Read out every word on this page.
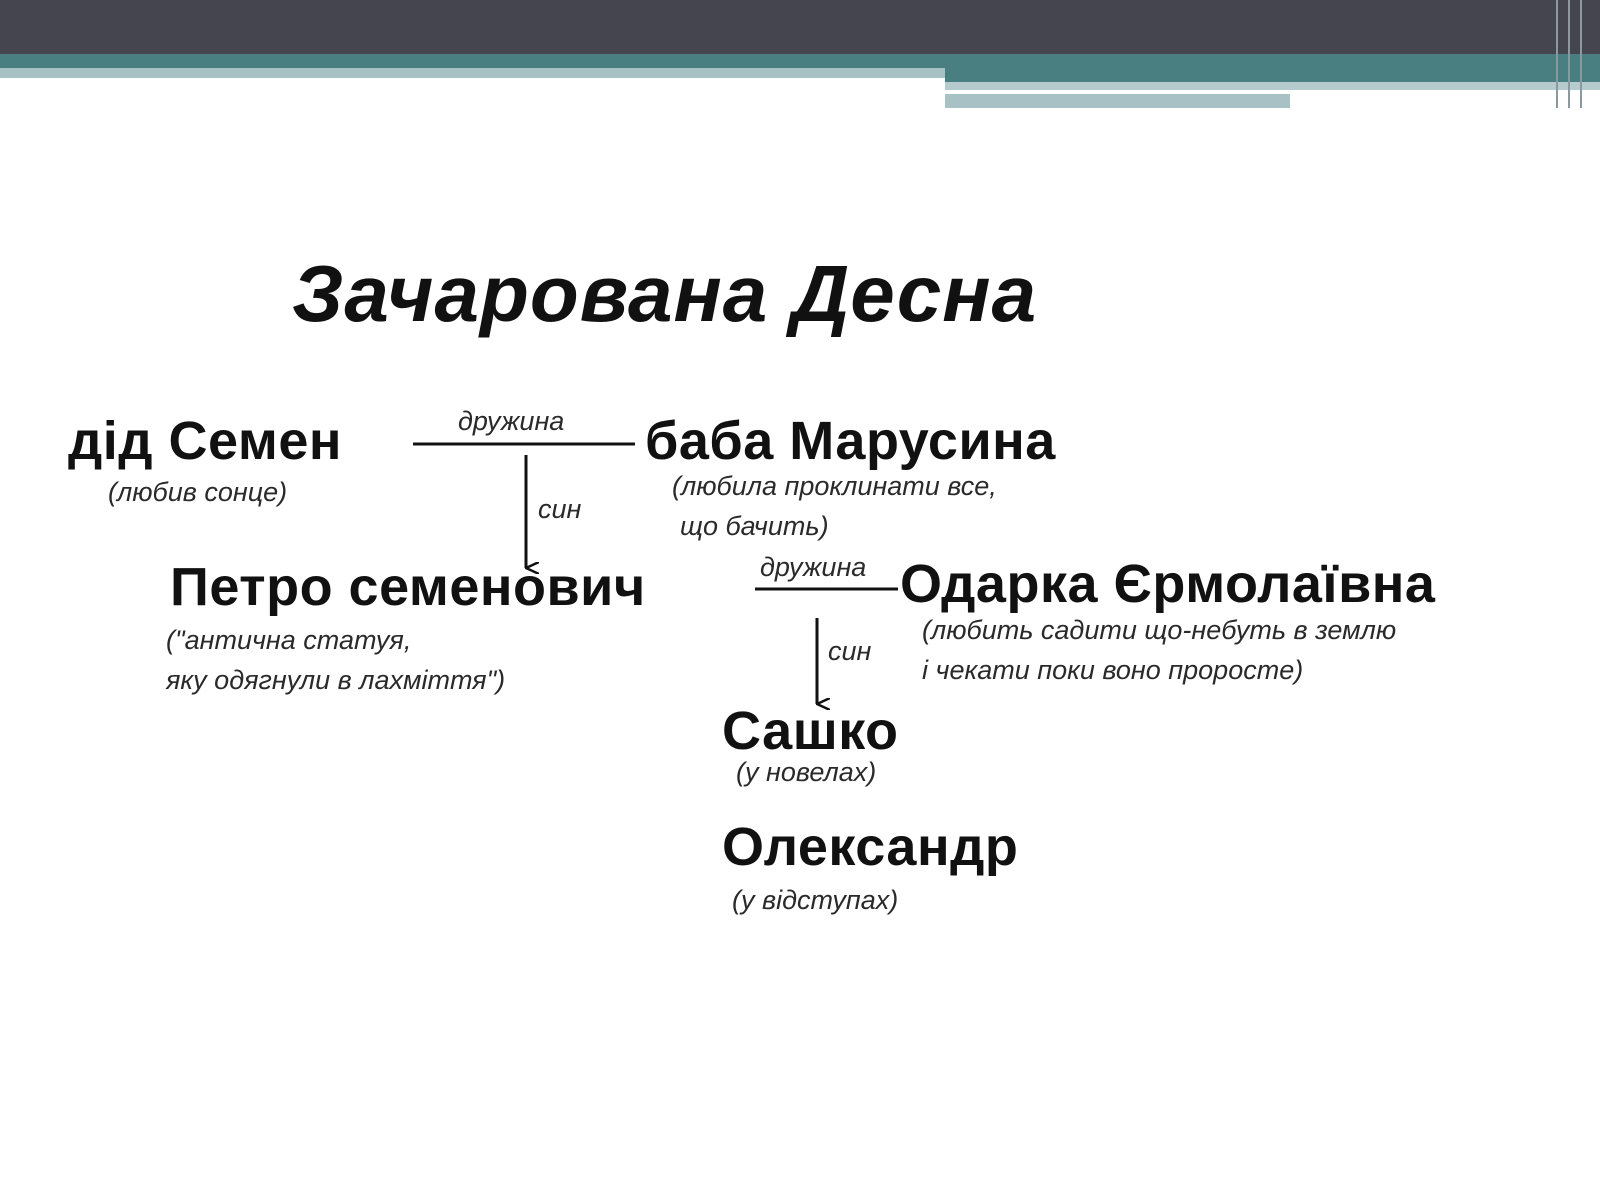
Зачарована Десна
дружина
син
дружина
син
дід Семен
(любив сонце)
баба Марусина
(любила проклинати все,
що бачить)
Петро семенович
("антична статуя,
яку одягнули в лахміття")
Одарка Єрмолаївна
(любить садити що-небуть в землю
і чекати поки воно проросте)
Сашко
(у новелах)
Олександр
(у відступах)
